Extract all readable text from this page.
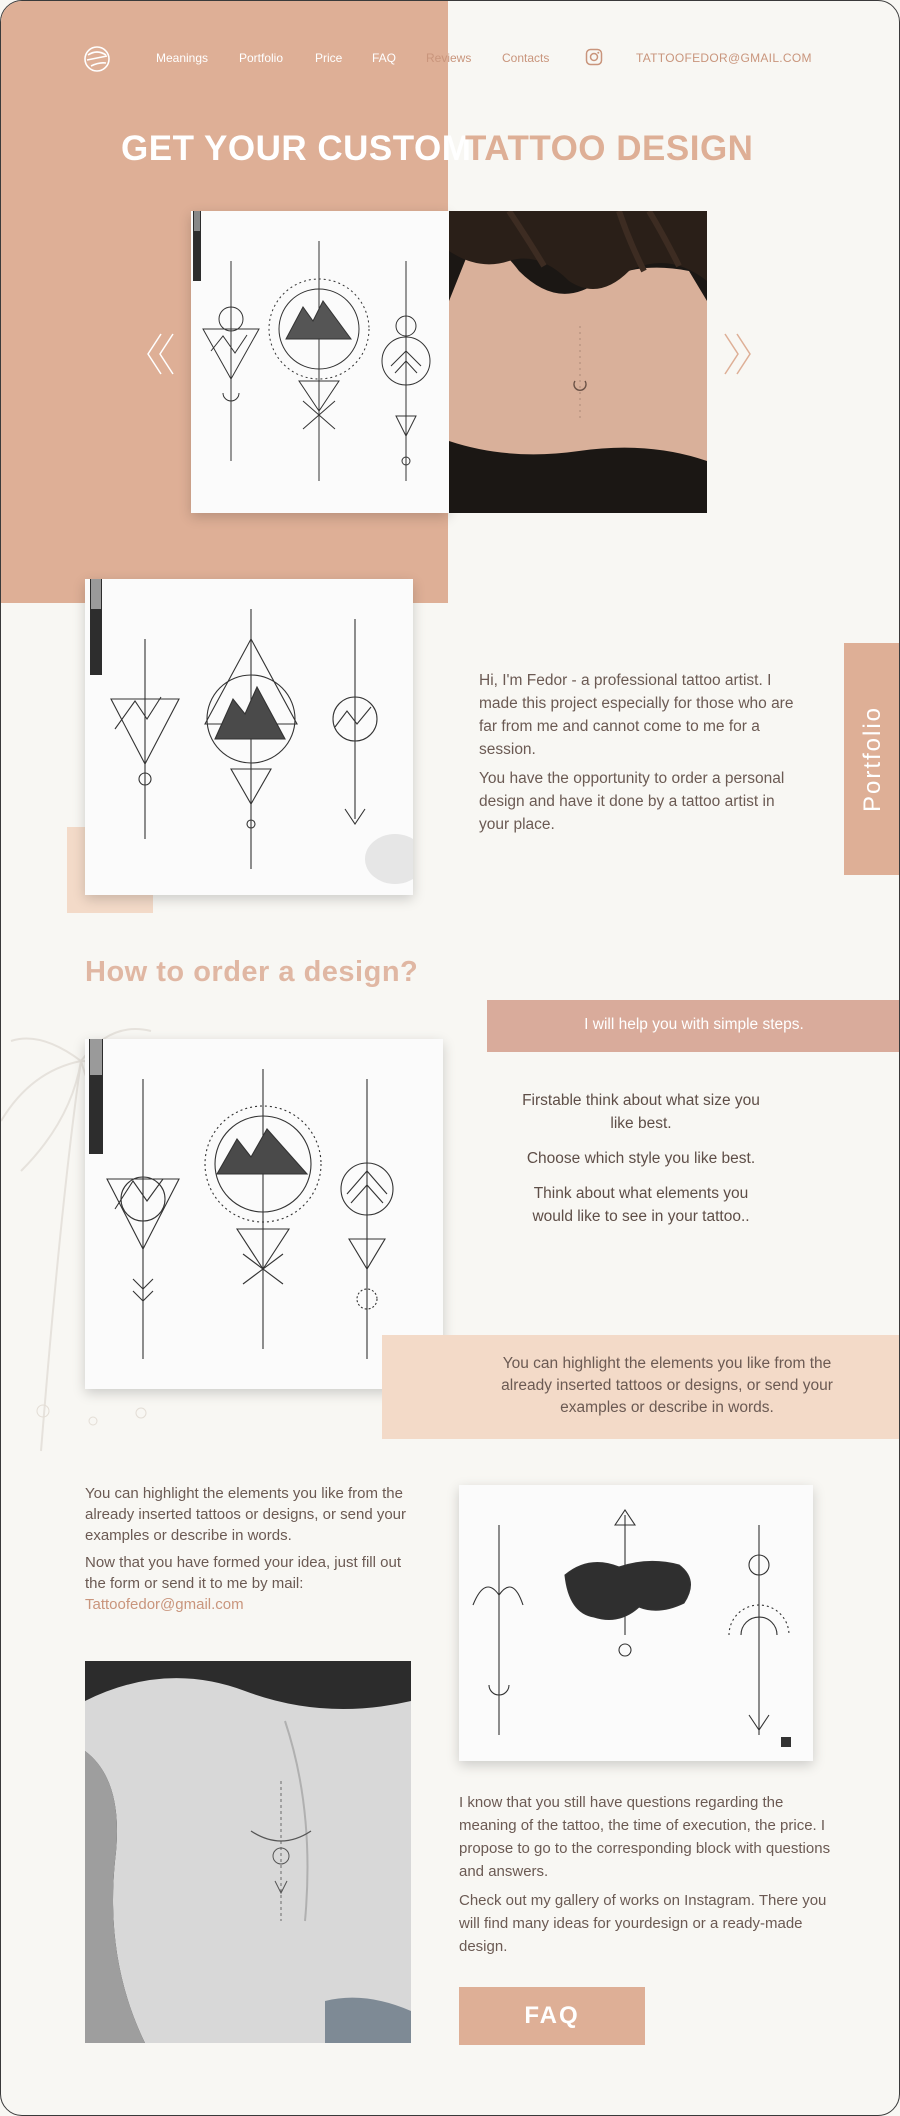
Meanings	Portfolio	Price FAQ Reviews	Contacts	TATTOOFEDOR@GMAIL.COM
GET YOUR CUSTOM
TATTOO DESIGN

Hi, I'm Fedor - a professional tattoo artist. I made this project especially for those who are far from me and cannot come to me for a session.

You have the opportunity to order a personal design and have it done by a tattoo artist in your place.

Portfolio
How to order a design?
I will help you with simple steps.

Firstable think about what size you like best.

Choose which style you like best.

Think about what elements you would like to see in your tattoo..

You can highlight the elements you like from the already inserted tattoos or designs, or send your examples or describe in words.

You can highlight the elements you like from the already inserted tattoos or designs, or send your examples or describe in words.

Now that you have formed your idea, just fill out the form or send it to me by mail: Tattoofedor@gmail.com

I know that you still have questions regarding the meaning of the tattoo, the time of execution, the price. I propose to go to the corresponding block with questions and answers.

Check out my gallery of works on Instagram. There you will find many ideas for yourdesign or a ready-made design.

FAQ
